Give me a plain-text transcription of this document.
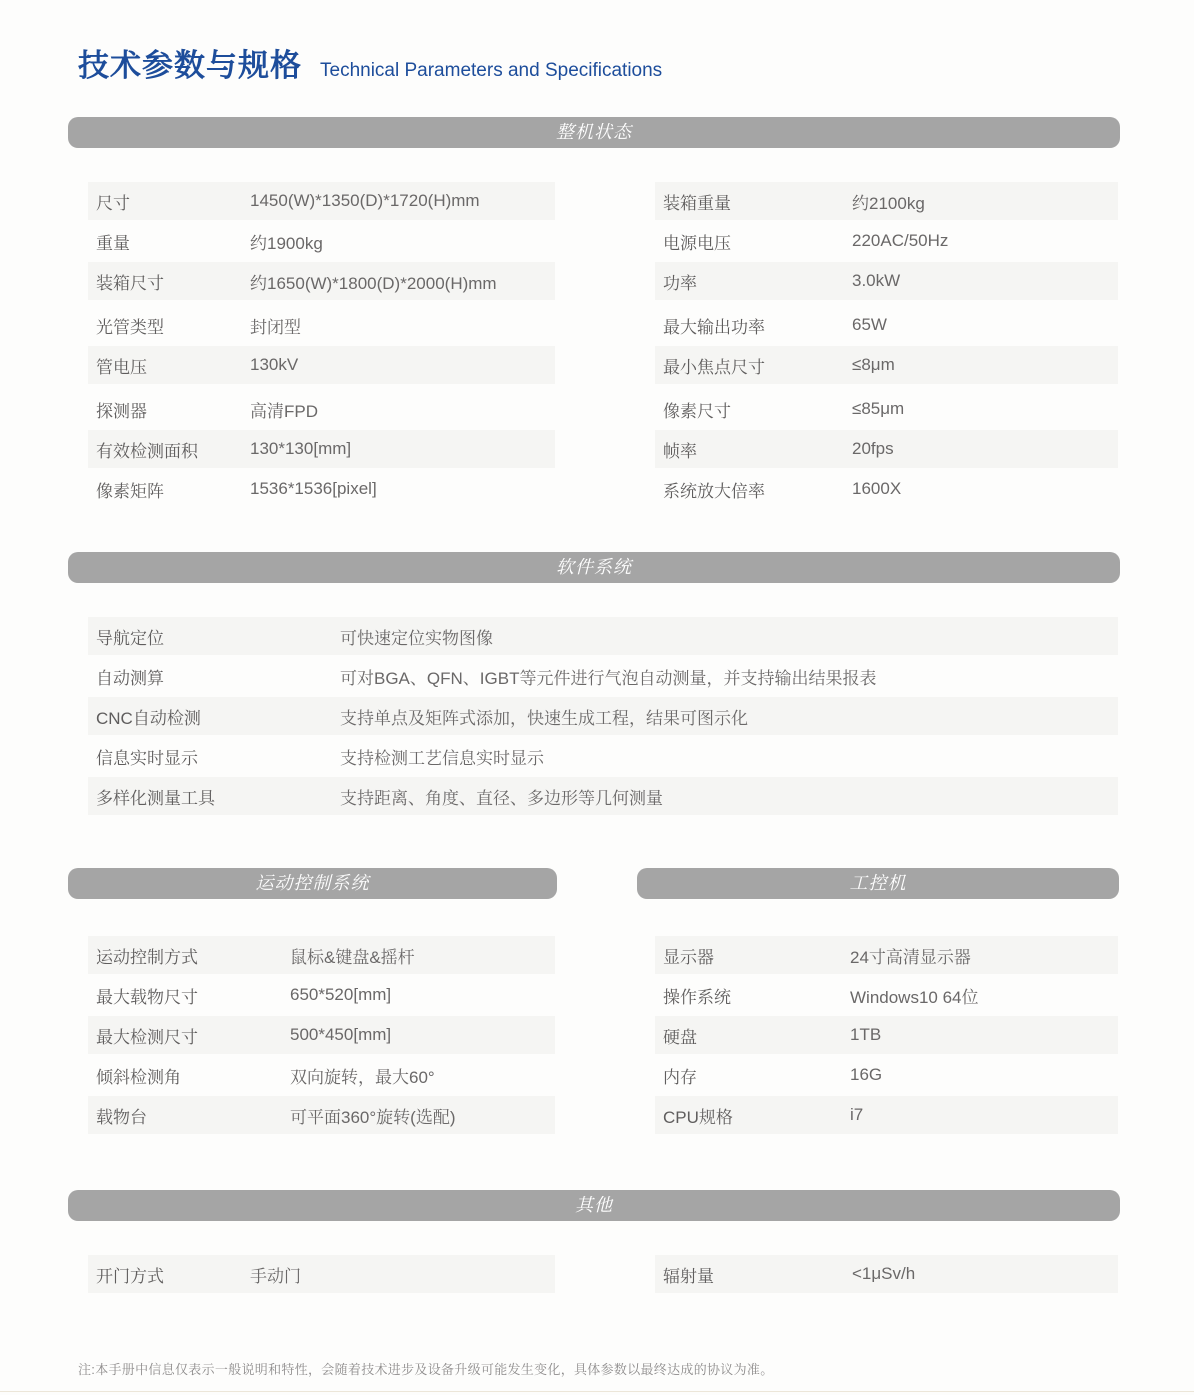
技术参数与规格 Technical Parameters and Specifications
整机状态
尺寸	1450(W)*1350(D)*1720(H)mm
重量	约1900kg
装箱尺寸	约1650(W)*1800(D)*2000(H)mm
光管类型	封闭型
管电压	130kV
探测器	高清FPD
有效检测面积	130*130[mm]
像素矩阵	1536*1536[pixel]
装箱重量	约2100kg
电源电压	220AC/50Hz
功率	3.0kW
最大输出功率	65W
最小焦点尺寸	≤8μm
像素尺寸	≤85μm
帧率	20fps
系统放大倍率	1600X
软件系统
导航定位	可快速定位实物图像
自动测算	可对BGA、QFN、IGBT等元件进行气泡自动测量，并支持输出结果报表
CNC自动检测	支持单点及矩阵式添加，快速生成工程，结果可图示化
信息实时显示	支持检测工艺信息实时显示
多样化测量工具	支持距离、角度、直径、多边形等几何测量
运动控制系统
运动控制方式	鼠标&键盘&摇杆
最大载物尺寸	650*520[mm]
最大检测尺寸	500*450[mm]
倾斜检测角	双向旋转，最大60°
载物台	可平面360°旋转(选配)
工控机
显示器	24寸高清显示器
操作系统	Windows10 64位
硬盘	1TB
内存	16G
CPU规格	i7
其他
开门方式	手动门	辐射量	<1μSv/h
注:本手册中信息仅表示一般说明和特性，会随着技术进步及设备升级可能发生变化，具体参数以最终达成的协议为准。
